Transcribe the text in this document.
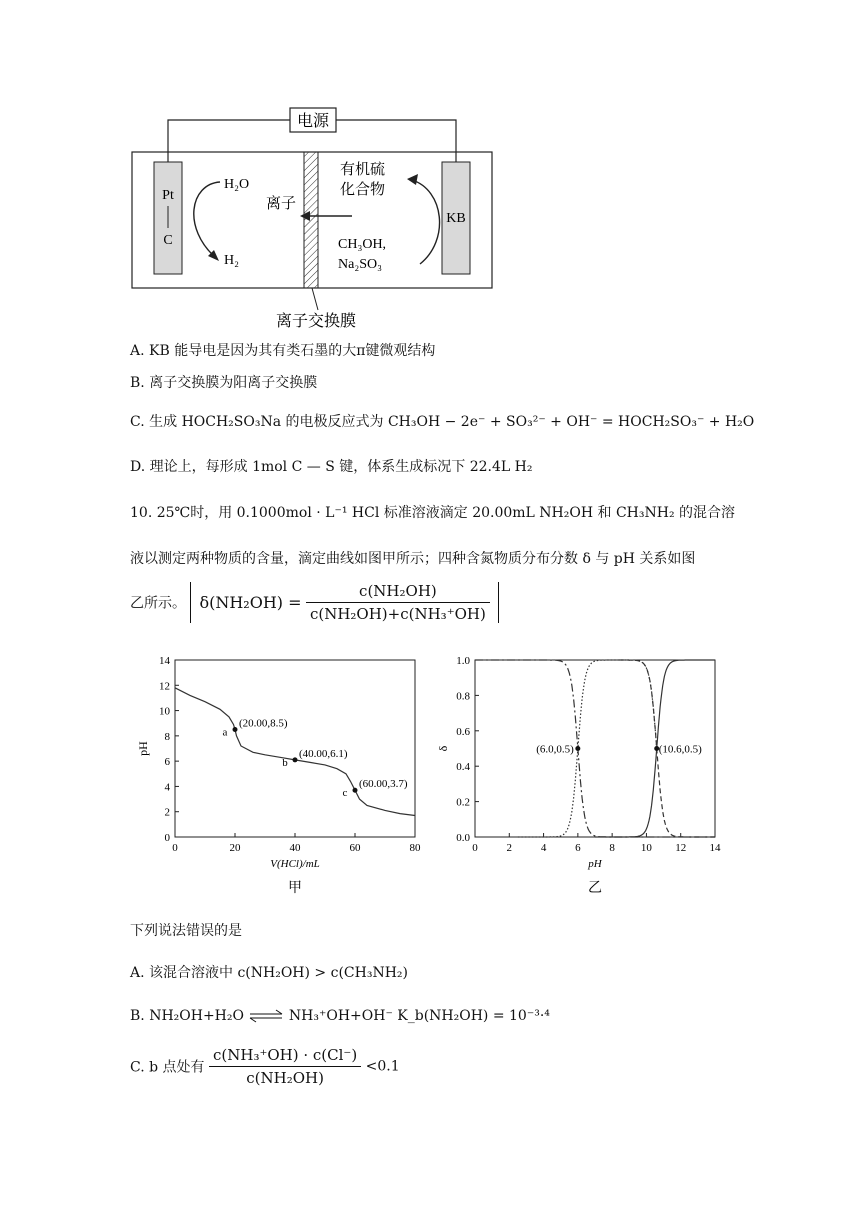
电源
Pt
C
KB
离子交换膜
H₂O
H₂
离子
有机硫
化合物
CH₃OH,
Na₂SO₃
A. KB 能导电是因为其有类石墨的大π键微观结构
B. 离子交换膜为阳离子交换膜
C. 生成 HOCH₂SO₃Na 的电极反应式为 CH₃OH − 2e⁻ + SO₃²⁻ + OH⁻ = HOCH₂SO₃⁻ + H₂O
D. 理论上，每形成 1mol C — S 键，体系生成标况下 22.4L H₂
10. 25℃时，用 0.1000mol · L⁻¹ HCl 标准溶液滴定 20.00mL NH₂OH 和 CH₃NH₂ 的混合溶
液以测定两种物质的含量，滴定曲线如图甲所示；四种含氮物质分布分数 δ 与 pH 关系如图
乙所示。 $\delta(NH_2OH) = \frac{\text{c(NH₂OH)}}{\text{c(NH₂OH)+c(NH₃⁺OH)}}$
0	20	40	60	80
0
2
4
6
8
10
12
14
V(HCl)/mL
pH
甲
a
(20.00,8.5)
b
(40.00,6.1)
c
(60.00,3.7)
0	2	4	6	8 10 12 14
0.0
0.2
0.4
0.6
0.8
1.0
pH
δ
乙
(6.0,0.5)	(10.6,0.5)
下列说法错误的是
A. 该混合溶液中 c(NH₂OH) > c(CH₃NH₂)
B. NH₂OH+H₂O ⇌ NH₃⁺OH+OH⁻ K_b(NH₂OH) = 10⁻³·⁴
C. b 点处有 $\frac{\text{c(NH₃⁺OH) · c(Cl⁻)}}{\text{c(NH₂OH)}} <0.1$
